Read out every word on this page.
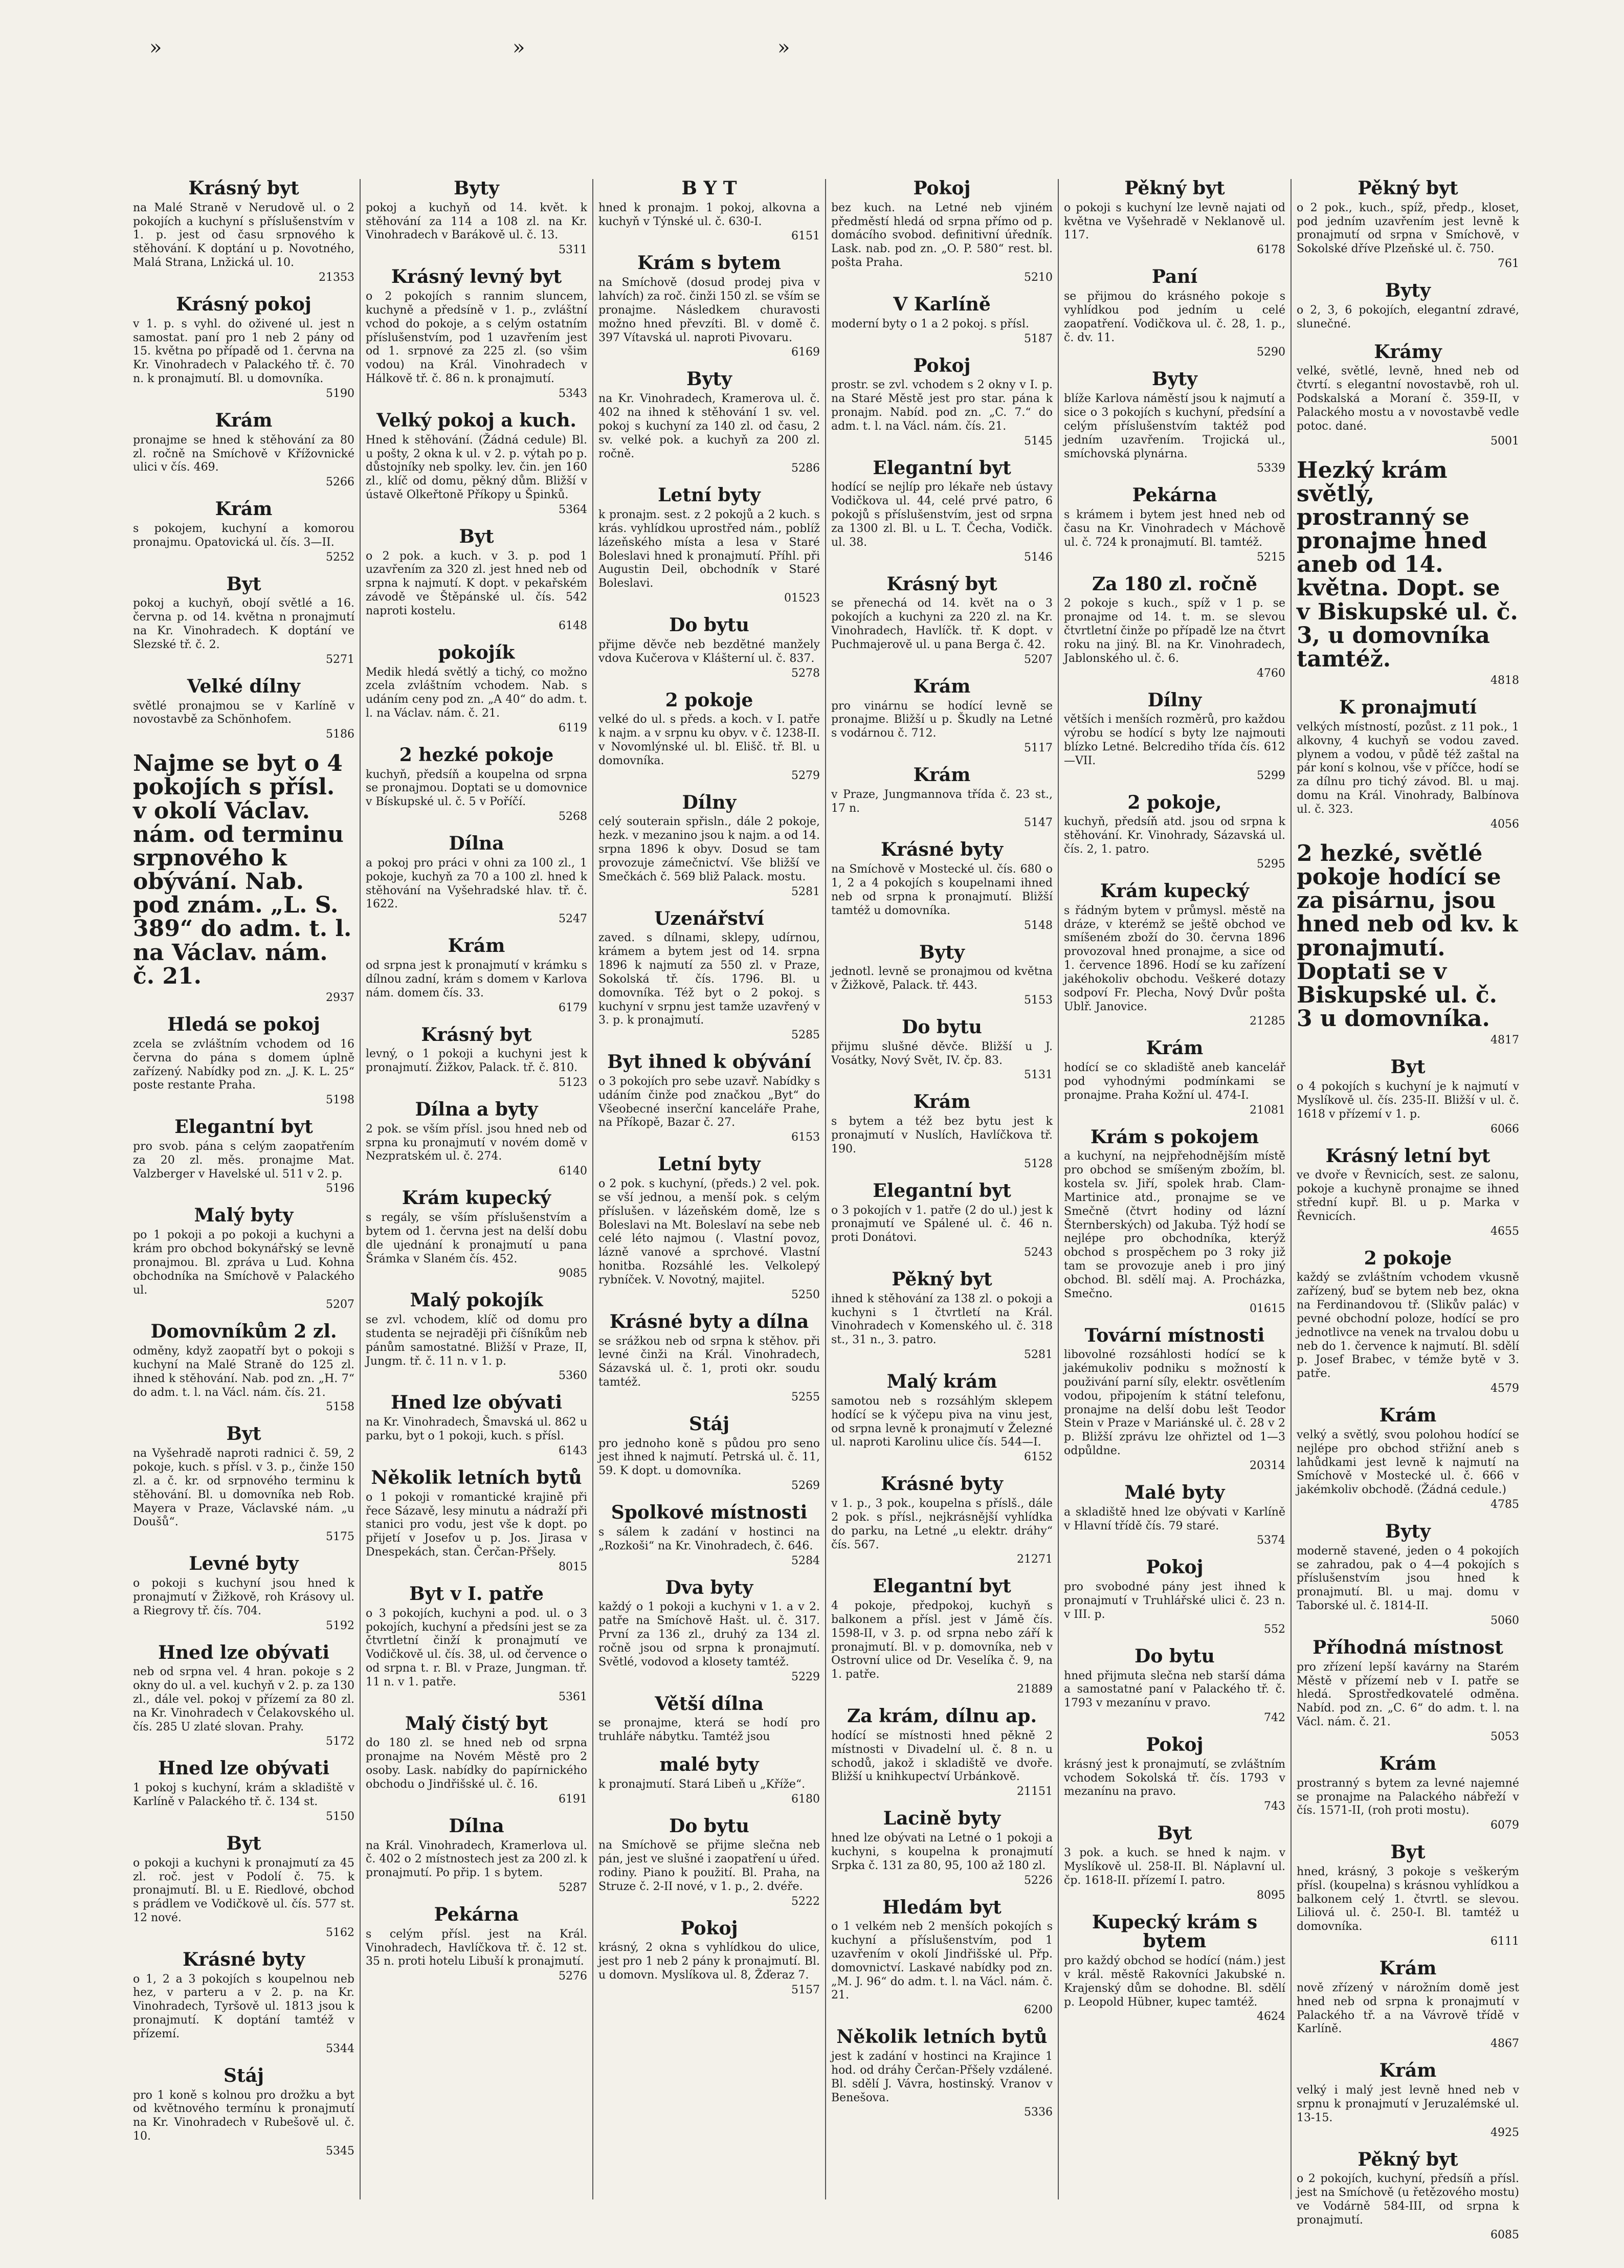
»	»	»
Krásný byt

na Malé Straně v Nerudově ul. o 2 pokojích a kuchyní s příslušenstvím v 1. p. jest od času srpnového k stěhování. K doptání u p. Novotného, Malá Strana, Lnžická ul. 10.

21353
Krásný pokoj

v 1. p. s vyhl. do oživené ul. jest n samostat. paní pro 1 neb 2 pány od 15. května po případě od 1. června na Kr. Vinohradech v Palackého tř. č. 70 n. k pronajmutí. Bl. u domovníka.

5190
Krám

pronajme se hned k stěhování za 80 zl. ročně na Smíchově v Křížovnické ulici v čís. 469.

5266
Krám

s pokojem, kuchyní a komorou pronajmu. Opatovická ul. čís. 3—II.

5252
Byt

pokoj a kuchyň, obojí světlé a 16. června p. od 14. května n pronajmutí na Kr. Vinohradech. K doptání ve Slezské tř. č. 2.

5271
Velké dílny

světlé pronajmou se v Karlíně v novostavbě za Schönhofem.

5186
Najme se byt o 4 pokojích s přísl. v okolí Václav. nám. od terminu srpnového k obývání. Nab. pod znám. „L. S. 389“ do adm. t. l. na Václav. nám. č. 21.
2937
Hledá se pokoj

zcela se zvláštním vchodem od 16 června do pána s domem úplně zařízený. Nabídky pod zn. „J. K. L. 25“ poste restante Praha.

5198
Elegantní byt

pro svob. pána s celým zaopatřením za 20 zl. měs. pronajme Mat. Valzberger v Havelské ul. 511 v 2. p.

5196
Malý byty

po 1 pokoji a po pokoji a kuchyni a krám pro obchod bokynářský se levně pronajmou. Bl. zpráva u Lud. Kohna obchodníka na Smíchově v Palackého ul.

5207
Domovníkům 2 zl.

odměny, když zaopatří byt o pokoji s kuchyní na Malé Straně do 125 zl. ihned k stěhování. Nab. pod zn. „H. 7“ do adm. t. l. na Václ. nám. čís. 21.

5158
Byt

na Vyšehradě naproti radnici č. 59, 2 pokoje, kuch. s přísl. v 3. p., činže 150 zl. a č. kr. od srpnového terminu k stěhování. Bl. u domovníka neb Rob. Mayera v Praze, Václavské nám. „u Doušů“.

5175
Levné byty

o pokoji s kuchyní jsou hned k pronajmutí v Žižkově, roh Krásovy ul. a Riegrovy tř. čís. 704.

5192
Hned lze obývati

neb od srpna vel. 4 hran. pokoje s 2 okny do ul. a vel. kuchyň v 2. p. za 130 zl., dále vel. pokoj v přízemí za 80 zl. na Kr. Vinohradech v Čelakovského ul. čís. 285 U zlaté slovan. Prahy.

5172
Hned lze obývati

1 pokoj s kuchyní, krám a skladiště v Karlíně v Palackého tř. č. 134 st.

5150
Byt

o pokoji a kuchyni k pronajmutí za 45 zl. roč. jest v Podolí č. 75. k pronajmutí. Bl. u E. Riedlové, obchod s prádlem ve Vodičkově ul. čís. 577 st. 12 nové.

5162
Krásné byty

o 1, 2 a 3 pokojích s koupelnou neb hez, v parteru a v 2. p. na Kr. Vinohradech, Tyršově ul. 1813 jsou k pronajmutí. K doptání tamtéž v přízemí.

5344
Stáj

pro 1 koně s kolnou pro drožku a byt od květnového termínu k pronajmutí na Kr. Vinohradech v Rubešově ul. č. 10.

5345
Byty

pokoj a kuchyň od 14. květ. k stěhování za 114 a 108 zl. na Kr. Vinohradech v Barákově ul. č. 13.

5311
Krásný levný byt

o 2 pokojích s rannim sluncem, kuchyně a předsíně v 1. p., zvláštní vchod do pokoje, a s celým ostatním příslušenstvím, pod 1 uzavřením jest od 1. srpnové za 225 zl. (so všim vodou) na Král. Vinohradech v Hálkově tř. č. 86 n. k pronajmutí.

5343
Velký pokoj a kuch.

Hned k stěhování. (Žádná cedule) Bl. u pošty, 2 okna k ul. v 2. p. výtah po p. důstojníky neb spolky. lev. čin. jen 160 zl., klíč od domu, pěkný dům. Bližší v ústavě Olkeřtoně Příkopy u Špinků.

5364
Byt

o 2 pok. a kuch. v 3. p. pod 1 uzavřením za 320 zl. jest hned neb od srpna k najmutí. K dopt. v pekařském závodě ve Štěpánské ul. čís. 542 naproti kostelu.

6148
pokojík

Medik hledá světlý a tichý, co možno zcela zvláštním vchodem. Nab. s udáním ceny pod zn. „A 40“ do adm. t. l. na Václav. nám. č. 21.

6119
2 hezké pokoje

kuchyň, předsíň a koupelna od srpna se pronajmou. Doptati se u domovnice v Bískupské ul. č. 5 v Poříčí.

5268
Dílna

a pokoj pro práci v ohni za 100 zl., 1 pokoje, kuchyň za 70 a 100 zl. hned k stěhování na Vyšehradské hlav. tř. č. 1622.

5247
Krám

od srpna jest k pronajmutí v krámku s dílnou zadní, krám s domem v Karlova nám. domem čís. 33.

6179
Krásný byt

levný, o 1 pokoji a kuchyni jest k pronajmutí. Žižkov, Palack. tř. č. 810.

5123
Dílna a byty

2 pok. se vším přísl. jsou hned neb od srpna ku pronajmutí v novém domě v Nezpratském ul. č. 274.

6140
Krám kupecký

s regály, se vším příslušenstvím a bytem od 1. června jest na delší dobu dle ujednání k pronajmutí u pana Šrámka v Slaném čís. 452.

9085
Malý pokojík

se zvl. vchodem, klíč od domu pro studenta se nejraději při číšníkům neb pánům samostatné. Bližší v Praze, II, Jungm. tř. č. 11 n. v 1. p.

5360
Hned lze obývati

na Kr. Vinohradech, Šmavská ul. 862 u parku, byt o 1 pokoji, kuch. s přísl.

6143
Několik letních bytů

o 1 pokoji v romantické krajině při řece Sázavě, lesy minutu a nádraží při stanici pro vodu, jest vše k dopt. po přijetí v Josefov u p. Jos. Jirasa v Dnespekách, stan. Čerčan-Přšely.

8015
Byt v I. patře

o 3 pokojích, kuchyni a pod. ul. o 3 pokojích, kuchyní a předsíni jest se za čtvrtletní činží k pronajmutí ve Vodičkově ul. čís. 38, ul. od července o od srpna t. r. Bl. v Praze, Jungman. tř. 11 n. v 1. patře.

5361
Malý čistý byt

do 180 zl. se hned neb od srpna pronajme na Novém Městě pro 2 osoby. Lask. nabídky do papírnického obchodu o Jindřišské ul. č. 16.

6191
Dílna

na Král. Vinohradech, Kramerlova ul. č. 402 o 2 místnostech jest za 200 zl. k pronajmutí. Po přip. 1 s bytem.

5287
Pekárna

s celým přísl. jest na Král. Vinohradech, Havlíčkova tř. č. 12 st. 35 n. proti hotelu Libuší k pronajmutí.

5276
B Y T

hned k pronajm. 1 pokoj, alkovna a kuchyň v Týnské ul. č. 630-I.

6151
Krám s bytem

na Smíchově (dosud prodej piva v lahvích) za roč. činži 150 zl. se vším se pronajme. Následkem churavosti možno hned převzíti. Bl. v domě č. 397 Vítavská ul. naproti Pivovaru.

6169
Byty

na Kr. Vinohradech, Kramerova ul. č. 402 na ihned k stěhování 1 sv. vel. pokoj s kuchyní za 140 zl. od času, 2 sv. velké pok. a kuchyň za 200 zl. ročně.

5286
Letní byty

k pronajm. sest. z 2 pokojů a 2 kuch. s krás. vyhlídkou uprostřed nám., poblíž lázeňského místa a lesa v Staré Boleslavi hned k pronajmutí. Příhl. při Augustin Deil, obchodník v Staré Boleslavi.

01523
Do bytu

přijme děvče neb bezdětné manžely vdova Kučerova v Klášterní ul. č. 837.

5278
2 pokoje

velké do ul. s předs. a koch. v I. patře k najm. a v srpnu ku obyv. v č. 1238-II. v Novomlýnské ul. bl. Elišč. tř. Bl. u domovníka.

5279
Dílny

celý souterain spřisln., dále 2 pokoje, hezk. v mezanino jsou k najm. a od 14. srpna 1896 k obyv. Dosud se tam provozuje zámečnictví. Vše bližší ve Smečkách č. 569 bliž Palack. mostu.

5281
Uzenářství

zaved. s dílnami, sklepy, udírnou, krámem a bytem jest od 14. srpna 1896 k najmutí za 550 zl. v Praze, Sokolská tř. čís. 1796. Bl. u domovníka. Též byt o 2 pokoj. s kuchyní v srpnu jest tamže uzavřený v 3. p. k pronajmutí.

5285
Byt ihned k obývání

o 3 pokojích pro sebe uzavř. Nabídky s udáním činže pod značkou „Byt“ do Všeobecné inserční kanceláře Prahe, na Příkopě, Bazar č. 27.

6153
Letní byty

o 2 pok. s kuchyní, (předs.) 2 vel. pok. se vší jednou, a menší pok. s celým příslušen. v lázeňském domě, lze s Boleslavi na Mt. Boleslaví na sebe neb celé léto najmou (. Vlastní povoz, lázně vanové a sprchové. Vlastní honitba. Rozsáhlé les. Velkolepý rybníček. V. Novotný, majitel.

5250
Krásné byty a dílna

se srážkou neb od srpna k stěhov. při levné činži na Král. Vinohradech, Sázavská ul. č. 1, proti okr. soudu tamtéž.

5255
Stáj

pro jednoho koně s půdou pro seno jest ihned k najmutí. Petrská ul. č. 11, 59. K dopt. u domovníka.

5269
Spolkové místnosti

s sálem k zadání v hostinci na „Rozkoši“ na Kr. Vinohradech, č. 646.

5284
Dva byty

každý o 1 pokoji a kuchyni v 1. a v 2. patře na Smíchově Hašt. ul. č. 317. První za 136 zl., druhý za 134 zl. ročně jsou od srpna k pronajmutí. Světlé, vodovod a klosety tamtéž.

5229
Větší dílna

se pronajme, která se hodí pro truhláře nábytku. Tamtéž jsou

malé byty

k pronajmutí. Stará Libeň u „Kříže“.

6180
Do bytu

na Smíchově se přijme slečna neb pán, jest ve slušné i zaopatření u úřed. rodiny. Piano k použití. Bl. Praha, na Struze č. 2-II nové, v 1. p., 2. dvéře.

5222
Pokoj

krásný, 2 okna s vyhlídkou do ulice, jest pro 1 neb 2 pány k pronajmutí. Bl. u domovn. Myslíkova ul. 8, Žďeraz 7.

5157
Pokoj

bez kuch. na Letné neb vjiném předměstí hledá od srpna přímo od p. domácího svobod. definitivní úředník. Lask. nab. pod zn. „O. P. 580“ rest. bl. pošta Praha.

5210
V Karlíně

moderní byty o 1 a 2 pokoj. s přísl.

5187
Pokoj

prostr. se zvl. vchodem s 2 okny v I. p. na Staré Městě jest pro star. pána k pronajm. Nabíd. pod zn. „C. 7.“ do adm. t. l. na Václ. nám. čís. 21.

5145
Elegantní byt

hodící se nejlíp pro lékaře neb ústavy Vodičkova ul. 44, celé prvé patro, 6 pokojů s příslušenstvím, jest od srpna za 1300 zl. Bl. u L. T. Čecha, Vodičk. ul. 38.

5146
Krásný byt

se přenechá od 14. květ na o 3 pokojích a kuchyni za 220 zl. na Kr. Vinohradech, Havlíčk. tř. K dopt. v Puchmajerově ul. u pana Berga č. 42.

5207
Krám

pro vinárnu se hodící levně se pronajme. Bližší u p. Škudly na Letné s vodárnou č. 712.

5117
Krám

v Praze, Jungmannova třída č. 23 st., 17 n.

5147
Krásné byty

na Smíchově v Mostecké ul. čís. 680 o 1, 2 a 4 pokojích s koupelnami ihned neb od srpna k pronajmutí. Bližší tamtéž u domovníka.

5148
Byty

jednotl. levně se pronajmou od května v Žižkově, Palack. tř. 443.

5153
Do bytu

přijmu slušné děvče. Bližší u J. Vosátky, Nový Svět, IV. čp. 83.

5131
Krám

s bytem a též bez bytu jest k pronajmutí v Nuslích, Havlíčkova tř. 190.

5128
Elegantní byt

o 3 pokojích v 1. patře (2 do ul.) jest k pronajmutí ve Spálené ul. č. 46 n. proti Donátovi.

5243
Pěkný byt

ihned k stěhování za 138 zl. o pokoji a kuchyni s 1 čtvrtletí na Král. Vinohradech v Komenského ul. č. 318 st., 31 n., 3. patro.

5281
Malý krám

samotou neb s rozsáhlým sklepem hodící se k výčepu piva na vinu jest, od srpna levně k pronajmutí v Železné ul. naproti Karolinu ulice čís. 544—I.

6152
Krásné byty

v 1. p., 3 pok., koupelna s příslš., dále 2 pok. s přísl., nejkrásnější vyhlídka do parku, na Letné „u elektr. dráhy“ čís. 567.

21271
Elegantní byt

4 pokoje, předpokoj, kuchyň s balkonem a přísl. jest v Jámě čís. 1598-II, v 3. p. od srpna nebo září k pronajmutí. Bl. v p. domovníka, neb v Ostrovní ulice od Dr. Veselíka č. 9, na 1. patře.

21889
Za krám, dílnu ap.

hodící se místnosti hned pěkně 2 místnosti v Divadelní ul. č. 8 n. u schodů, jakož i skladiště ve dvoře. Bližší u knihkupectví Urbánkově.

21151
Lacině byty

hned lze obývati na Letné o 1 pokoji a kuchyni, s koupelna k pronajmutí Srpka č. 131 za 80, 95, 100 až 180 zl.

5226
Hledám byt

o 1 velkém neb 2 menších pokojích s kuchyní a příslušenstvím, pod 1 uzavřením v okolí Jindřišské ul. Přp. domovnictví. Laskavé nabídky pod zn. „M. J. 96“ do adm. t. l. na Václ. nám. č. 21.

6200
Několik letních bytů

jest k zadání v hostinci na Krajince 1 hod. od dráhy Čerčan-Přšely vzdálené. Bl. sdělí J. Vávra, hostinský. Vranov v Benešova.

5336
Pěkný byt

o pokoji s kuchyní lze levně najati od května ve Vyšehradě v Neklanově ul. 117.

6178
Paní

se přijmou do krásného pokoje s vyhlídkou pod jedním u celé zaopatření. Vodičkova ul. č. 28, 1. p., č. dv. 11.

5290
Byty

blíže Karlova náměstí jsou k najmutí a sice o 3 pokojích s kuchyní, předsíní a celým příslušenstvím taktéž pod jedním uzavřením. Trojická ul., smíchovská plynárna.

5339
Pekárna

s krámem i bytem jest hned neb od času na Kr. Vinohradech v Máchově ul. č. 724 k pronajmutí. Bl. tamtéž.

5215
Za 180 zl. ročně

2 pokoje s kuch., spíž v 1 p. se pronajme od 14. t. m. se slevou čtvrtletní činže po případě lze na čtvrt roku na jiný. Bl. na Kr. Vinohradech, Jablonského ul. č. 6.

4760
Dílny

větších i menších rozměrů, pro každou výrobu se hodící s byty lze najmouti blízko Letné. Belcrediho třída čís. 612—VII.

5299
2 pokoje,

kuchyň, předsíň atd. jsou od srpna k stěhování. Kr. Vinohrady, Sázavská ul. čís. 2, 1. patro.

5295
Krám kupecký

s řádným bytem v průmysl. městě na dráze, v kterémž se ještě obchod ve smíšeném zboží do 30. června 1896 provozoval hned pronajme, a sice od 1. července 1896. Hodí se ku zařízení jakéhokoliv obchodu. Veškeré dotazy sodpoví Fr. Plecha, Nový Dvůr pošta Ublř. Janovice.

21285
Krám

hodící se co skladiště aneb kancelář pod vyhodnými podmínkami se pronajme. Praha Kožní ul. 474-I.

21081
Krám s pokojem

a kuchyní, na nejpřehodnějším místě pro obchod se smíšeným zbožím, bl. kostela sv. Jiří, spolek hrab. Clam-Martinice atd., pronajme se ve Smečně (čtvrt hodiny od lázní Šternberských) od Jakuba. Týž hodí se nejlépe pro obchodníka, kterýž obchod s prospěchem po 3 roky již tam se provozuje aneb i pro jiný obchod. Bl. sdělí maj. A. Procházka, Smečno.

01615
Tovární místnosti

libovolné rozsáhlosti hodící se k jakémukoliv podniku s možností k použivání parní síly, elektr. osvětlením vodou, připojením k státní telefonu, pronajme na delší dobu lešt Teodor Stein v Praze v Mariánské ul. č. 28 v 2 p. Bližší zprávu lze ohřiztel od 1—3 odpůldne.

20314
Malé byty

a skladiště hned lze obývati v Karlíně v Hlavní třídě čís. 79 staré.

5374
Pokoj

pro svobodné pány jest ihned k pronajmutí v Truhlářské ulici č. 23 n. v III. p.

552
Do bytu

hned přijmuta slečna neb starší dáma a samostatné paní v Palackého tř. č. 1793 v mezanínu v pravo.

742
Pokoj

krásný jest k pronajmutí, se zvláštním vchodem Sokolská tř. čís. 1793 v mezanínu na pravo.

743
Byt

3 pok. a kuch. se hned k najm. v Myslíkově ul. 258-II. Bl. Náplavní ul. čp. 1618-II. přízemí I. patro.

8095
Kupecký krám s bytem

pro každý obchod se hodící (nám.) jest v král. městě Rakovníci Jakubské n. Krajenský dům se dohodne. Bl. sdělí p. Leopold Hübner, kupec tamtéž.

4624
Pěkný byt

o 2 pok., kuch., spíž, předp., kloset, pod jedním uzavřením jest levně k pronajmutí od srpna v Smíchově, v Sokolské dříve Plzeňské ul. č. 750.

761
Byty

o 2, 3, 6 pokojích, elegantní zdravé, slunečné.

Krámy

velké, světlé, levně, hned neb od čtvrtí. s elegantní novostavbě, roh ul. Podskalská a Moraní č. 359-II, v Palackého mostu a v novostavbě vedle potoc. dané.

5001
Hezký krám světlý, prostranný se pronajme hned aneb od 14. května. Dopt. se v Biskupské ul. č. 3, u domovníka tamtéž.
4818
K pronajmutí

velkých místností, pozůst. z 11 pok., 1 alkovny, 4 kuchyň se vodou zaved. plynem a vodou, v půdě též zaštal na pár koní s kolnou, vše v příčce, hodí se za dílnu pro tichý závod. Bl. u maj. domu na Král. Vinohrady, Balbínova ul. č. 323.

4056
2 hezké, světlé pokoje hodící se za pisárnu, jsou hned neb od kv. k pronajmutí. Doptati se v Biskupské ul. č. 3 u domovníka.
4817
Byt

o 4 pokojích s kuchyní je k najmutí v Myslíkově ul. čís. 235-II. Bližší v ul. č. 1618 v přízemí v 1. p.

6066
Krásný letní byt

ve dvoře v Řevnicích, sest. ze salonu, pokoje a kuchyně pronajme se ihned střední kupř. Bl. u p. Marka v Řevnicích.

4655
2 pokoje

každý se zvláštním vchodem vkusně zařízený, buď se bytem neb bez, okna na Ferdinandovou tř. (Slikův palác) v pevné obchodní poloze, hodící se pro jednotlivce na venek na trvalou dobu u neb do 1. července k najmutí. Bl. sdělí p. Josef Brabec, v témže bytě v 3. patře.

4579
Krám

velký a světlý, svou polohou hodící se nejlépe pro obchod střižní aneb s lahůdkami jest levně k najmutí na Smíchově v Mostecké ul. č. 666 v jakémkoliv obchodě. (Žádná cedule.)

4785
Byty

moderně stavené, jeden o 4 pokojích se zahradou, pak o 4—4 pokojích s příslušenstvím jsou hned k pronajmutí. Bl. u maj. domu v Taborské ul. č. 1814-II.

5060
Příhodná místnost

pro zřízení lepší kavárny na Starém Městě v přízemí neb v I. patře se hledá. Sprostředkovatelé odměna. Nabíd. pod zn. „C. 6“ do adm. t. l. na Václ. nám. č. 21.

5053
Krám

prostranný s bytem za levné najemné se pronajme na Palackého nábřeží v čís. 1571-II, (roh proti mostu).

6079
Byt

hned, krásný, 3 pokoje s veškerým přísl. (koupelna) s krásnou vyhlídkou a balkonem celý 1. čtvrtl. se slevou. Liliová ul. č. 250-I. Bl. tamtéž u domovníka.

6111
Krám

nově zřízený v nárožním domě jest hned neb od srpna k pronajmutí v Palackého tř. a na Vávrově třídě v Karlíně.

4867
Krám

velký i malý jest levně hned neb v srpnu k pronajmutí v Jeruzalémské ul. 13-15.

4925
Pěkný byt

o 2 pokojích, kuchyní, předsíň a přísl. jest na Smíchově (u řetězového mostu) ve Vodárně 584-III, od srpna k pronajmutí.

6085
